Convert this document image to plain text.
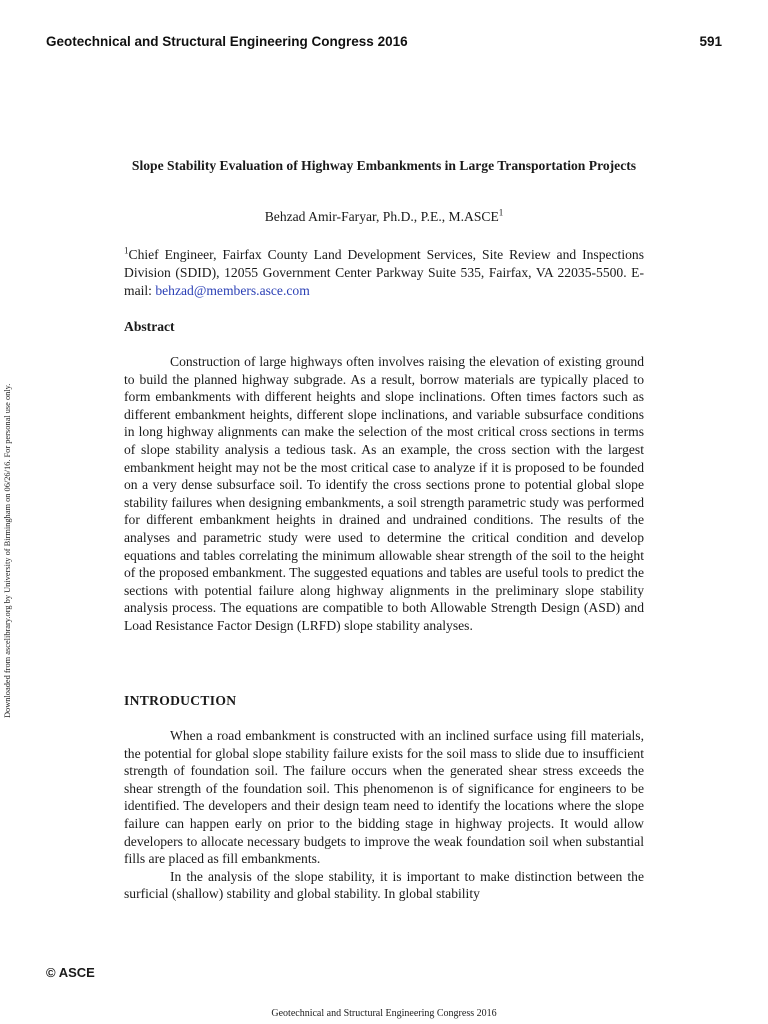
Geotechnical and Structural Engineering Congress 2016	591
Downloaded from ascelibrary.org by University of Birmingham on 06/26/16. For personal use only.
Slope Stability Evaluation of Highway Embankments in Large Transportation Projects
Behzad Amir-Faryar, Ph.D., P.E., M.ASCE$^1$
$^1$Chief Engineer, Fairfax County Land Development Services, Site Review and Inspections Division (SDID), 12055 Government Center Parkway Suite 535, Fairfax, VA 22035-5500. E-mail: behzad@members.asce.com
Abstract

Construction of large highways often involves raising the elevation of existing ground to build the planned highway subgrade. As a result, borrow materials are typically placed to form embankments with different heights and slope inclinations. Often times factors such as different embankment heights, different slope inclinations, and variable subsurface conditions in long highway alignments can make the selection of the most critical cross sections in terms of slope stability analysis a tedious task. As an example, the cross section with the largest embankment height may not be the most critical case to analyze if it is proposed to be founded on a very dense subsurface soil. To identify the cross sections prone to potential global slope stability failures when designing embankments, a soil strength parametric study was performed for different embankment heights in drained and undrained conditions. The results of the analyses and parametric study were used to determine the critical condition and develop equations and tables correlating the minimum allowable shear strength of the soil to the height of the proposed embankment. The suggested equations and tables are useful tools to predict the sections with potential failure along highway alignments in the preliminary slope stability analysis process. The equations are compatible to both Allowable Strength Design (ASD) and Load Resistance Factor Design (LRFD) slope stability analyses.

INTRODUCTION

When a road embankment is constructed with an inclined surface using fill materials, the potential for global slope stability failure exists for the soil mass to slide due to insufficient strength of foundation soil. The failure occurs when the generated shear stress exceeds the shear strength of the foundation soil. This phenomenon is of significance for engineers to be identified. The developers and their design team need to identify the locations where the slope failure can happen early on prior to the bidding stage in highway projects. It would allow developers to allocate necessary budgets to improve the weak foundation soil when substantial fills are placed as fill embankments.

In the analysis of the slope stability, it is important to make distinction between the surficial (shallow) stability and global stability. In global stability

© ASCE
Geotechnical and Structural Engineering Congress 2016
